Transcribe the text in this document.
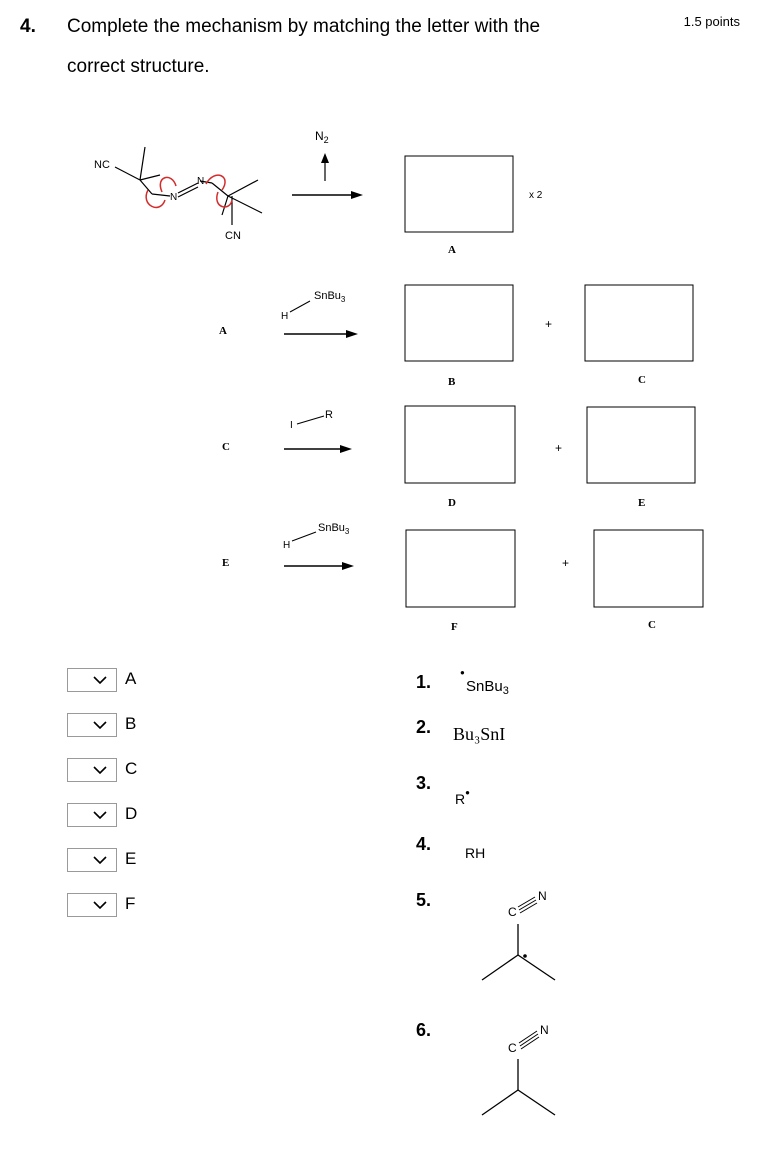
4. Complete the mechanism by matching the letter with the
correct structure.
1.5 points
NC
N
N
CN
$N_2$
x 2
A
A
H
SnBu$_3$
+
B	C
C
I
R
+
D	E
E
H
SnBu$_3$
+
F	C
A
B
C
D
E
F
1.	●
SnBu$_3$
2. Bu₃SnI
3.
R●
4. RH
5.
C
N
6.
C
N
